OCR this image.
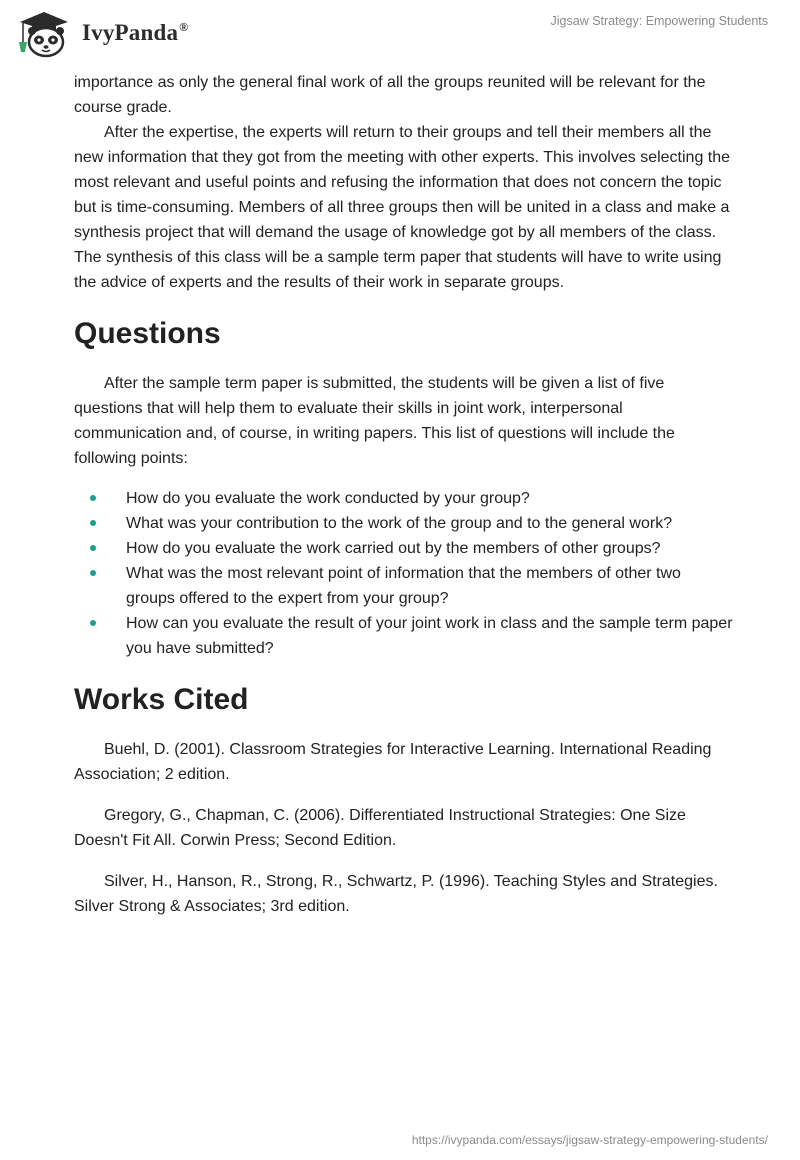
IvyPanda®	Jigsaw Strategy: Empowering Students

importance as only the general final work of all the groups reunited will be relevant for the course grade.

After the expertise, the experts will return to their groups and tell their members all the new information that they got from the meeting with other experts. This involves selecting the most relevant and useful points and refusing the information that does not concern the topic but is time-consuming. Members of all three groups then will be united in a class and make a synthesis project that will demand the usage of knowledge got by all members of the class. The synthesis of this class will be a sample term paper that students will have to write using the advice of experts and the results of their work in separate groups.

Questions

After the sample term paper is submitted, the students will be given a list of five questions that will help them to evaluate their skills in joint work, interpersonal communication and, of course, in writing papers. This list of questions will include the following points:

How do you evaluate the work conducted by your group?
What was your contribution to the work of the group and to the general work?
How do you evaluate the work carried out by the members of other groups?
What was the most relevant point of information that the members of other two groups offered to the expert from your group?
How can you evaluate the result of your joint work in class and the sample term paper you have submitted?
Works Cited

Buehl, D. (2001). Classroom Strategies for Interactive Learning. International Reading Association; 2 edition.

Gregory, G., Chapman, C. (2006). Differentiated Instructional Strategies: One Size Doesn't Fit All. Corwin Press; Second Edition.

Silver, H., Hanson, R., Strong, R., Schwartz, P. (1996). Teaching Styles and Strategies. Silver Strong & Associates; 3rd edition.

https://ivypanda.com/essays/jigsaw-strategy-empowering-students/
